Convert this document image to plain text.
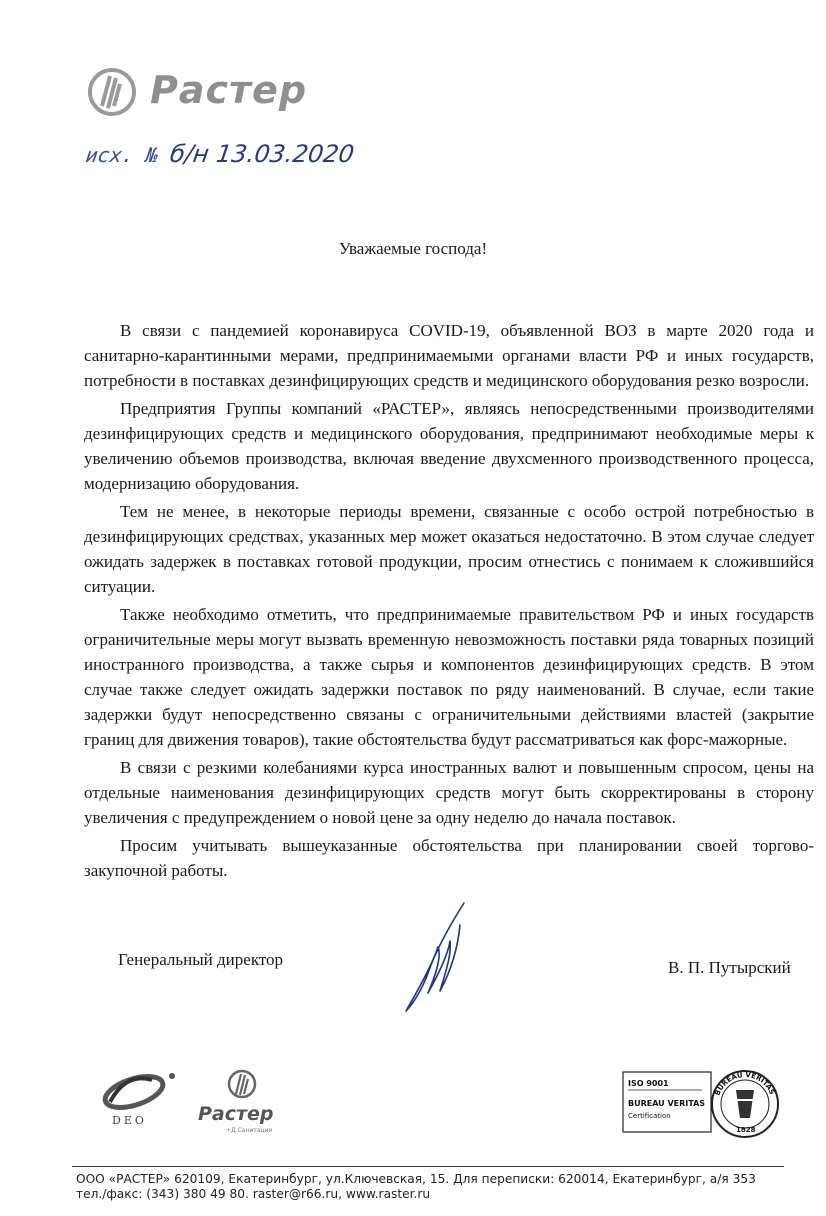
Растер
исх. № б/н 13.03.2020
Уважаемые господа!

В связи с пандемией коронавируса COVID-19, объявленной ВОЗ в марте 2020 года и санитарно-карантинными мерами, предпринимаемыми органами власти РФ и иных государств, потребности в поставках дезинфицирующих средств и медицинского оборудования резко возросли.

Предприятия Группы компаний «РАСТЕР», являясь непосредственными производителями дезинфицирующих средств и медицинского оборудования, предпринимают необходимые меры к увеличению объемов производства, включая введение двухсменного производственного процесса, модернизацию оборудования.

Тем не менее, в некоторые периоды времени, связанные с особо острой потребностью в дезинфицирующих средствах, указанных мер может оказаться недостаточно. В этом случае следует ожидать задержек в поставках готовой продукции, просим отнестись с понимаем к сложившийся ситуации.

Также необходимо отметить, что предпринимаемые правительством РФ и иных государств ограничительные меры могут вызвать временную невозможность поставки ряда товарных позиций иностранного производства, а также сырья и компонентов дезинфицирующих средств. В этом случае также следует ожидать задержки поставок по ряду наименований. В случае, если такие задержки будут непосредственно связаны с ограничительными действиями властей (закрытие границ для движения товаров), такие обстоятельства будут рассматриваться как форс-мажорные.

В связи с резкими колебаниями курса иностранных валют и повышенным спросом, цены на отдельные наименования дезинфицирующих средств могут быть скорректированы в сторону увеличения с предупреждением о новой цене за одну неделю до начала поставок.

Просим учитывать вышеуказанные обстоятельства при планировании своей торгово-закупочной работы.

Генеральный директор	В. П. Путырский
DEO	Растер
+Д.Санитация
ISO 9001
BUREAU VERITAS
Certification
BUREAU VERITAS
1828
ООО «РАСТЕР» 620109, Екатеринбург, ул.Ключевская, 15. Для переписки: 620014, Екатеринбург, а/я 353
тел./факс: (343) 380 49 80. raster@r66.ru, www.raster.ru
